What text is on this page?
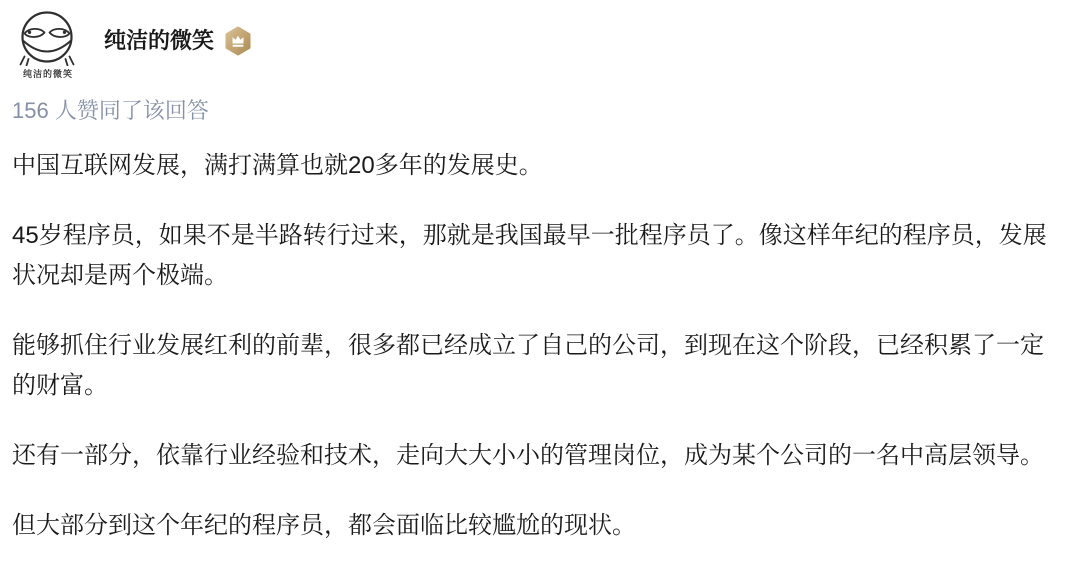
纯洁的微笑
纯洁的微笑
156 人赞同了该回答

中国互联网发展，满打满算也就20多年的发展史。

45岁程序员，如果不是半路转行过来，那就是我国最早一批程序员了。像这样年纪的程序员，发展
状况却是两个极端。

能够抓住行业发展红利的前辈，很多都已经成立了自己的公司，到现在这个阶段，已经积累了一定
的财富。

还有一部分，依靠行业经验和技术，走向大大小小的管理岗位，成为某个公司的一名中高层领导。

但大部分到这个年纪的程序员，都会面临比较尴尬的现状。
